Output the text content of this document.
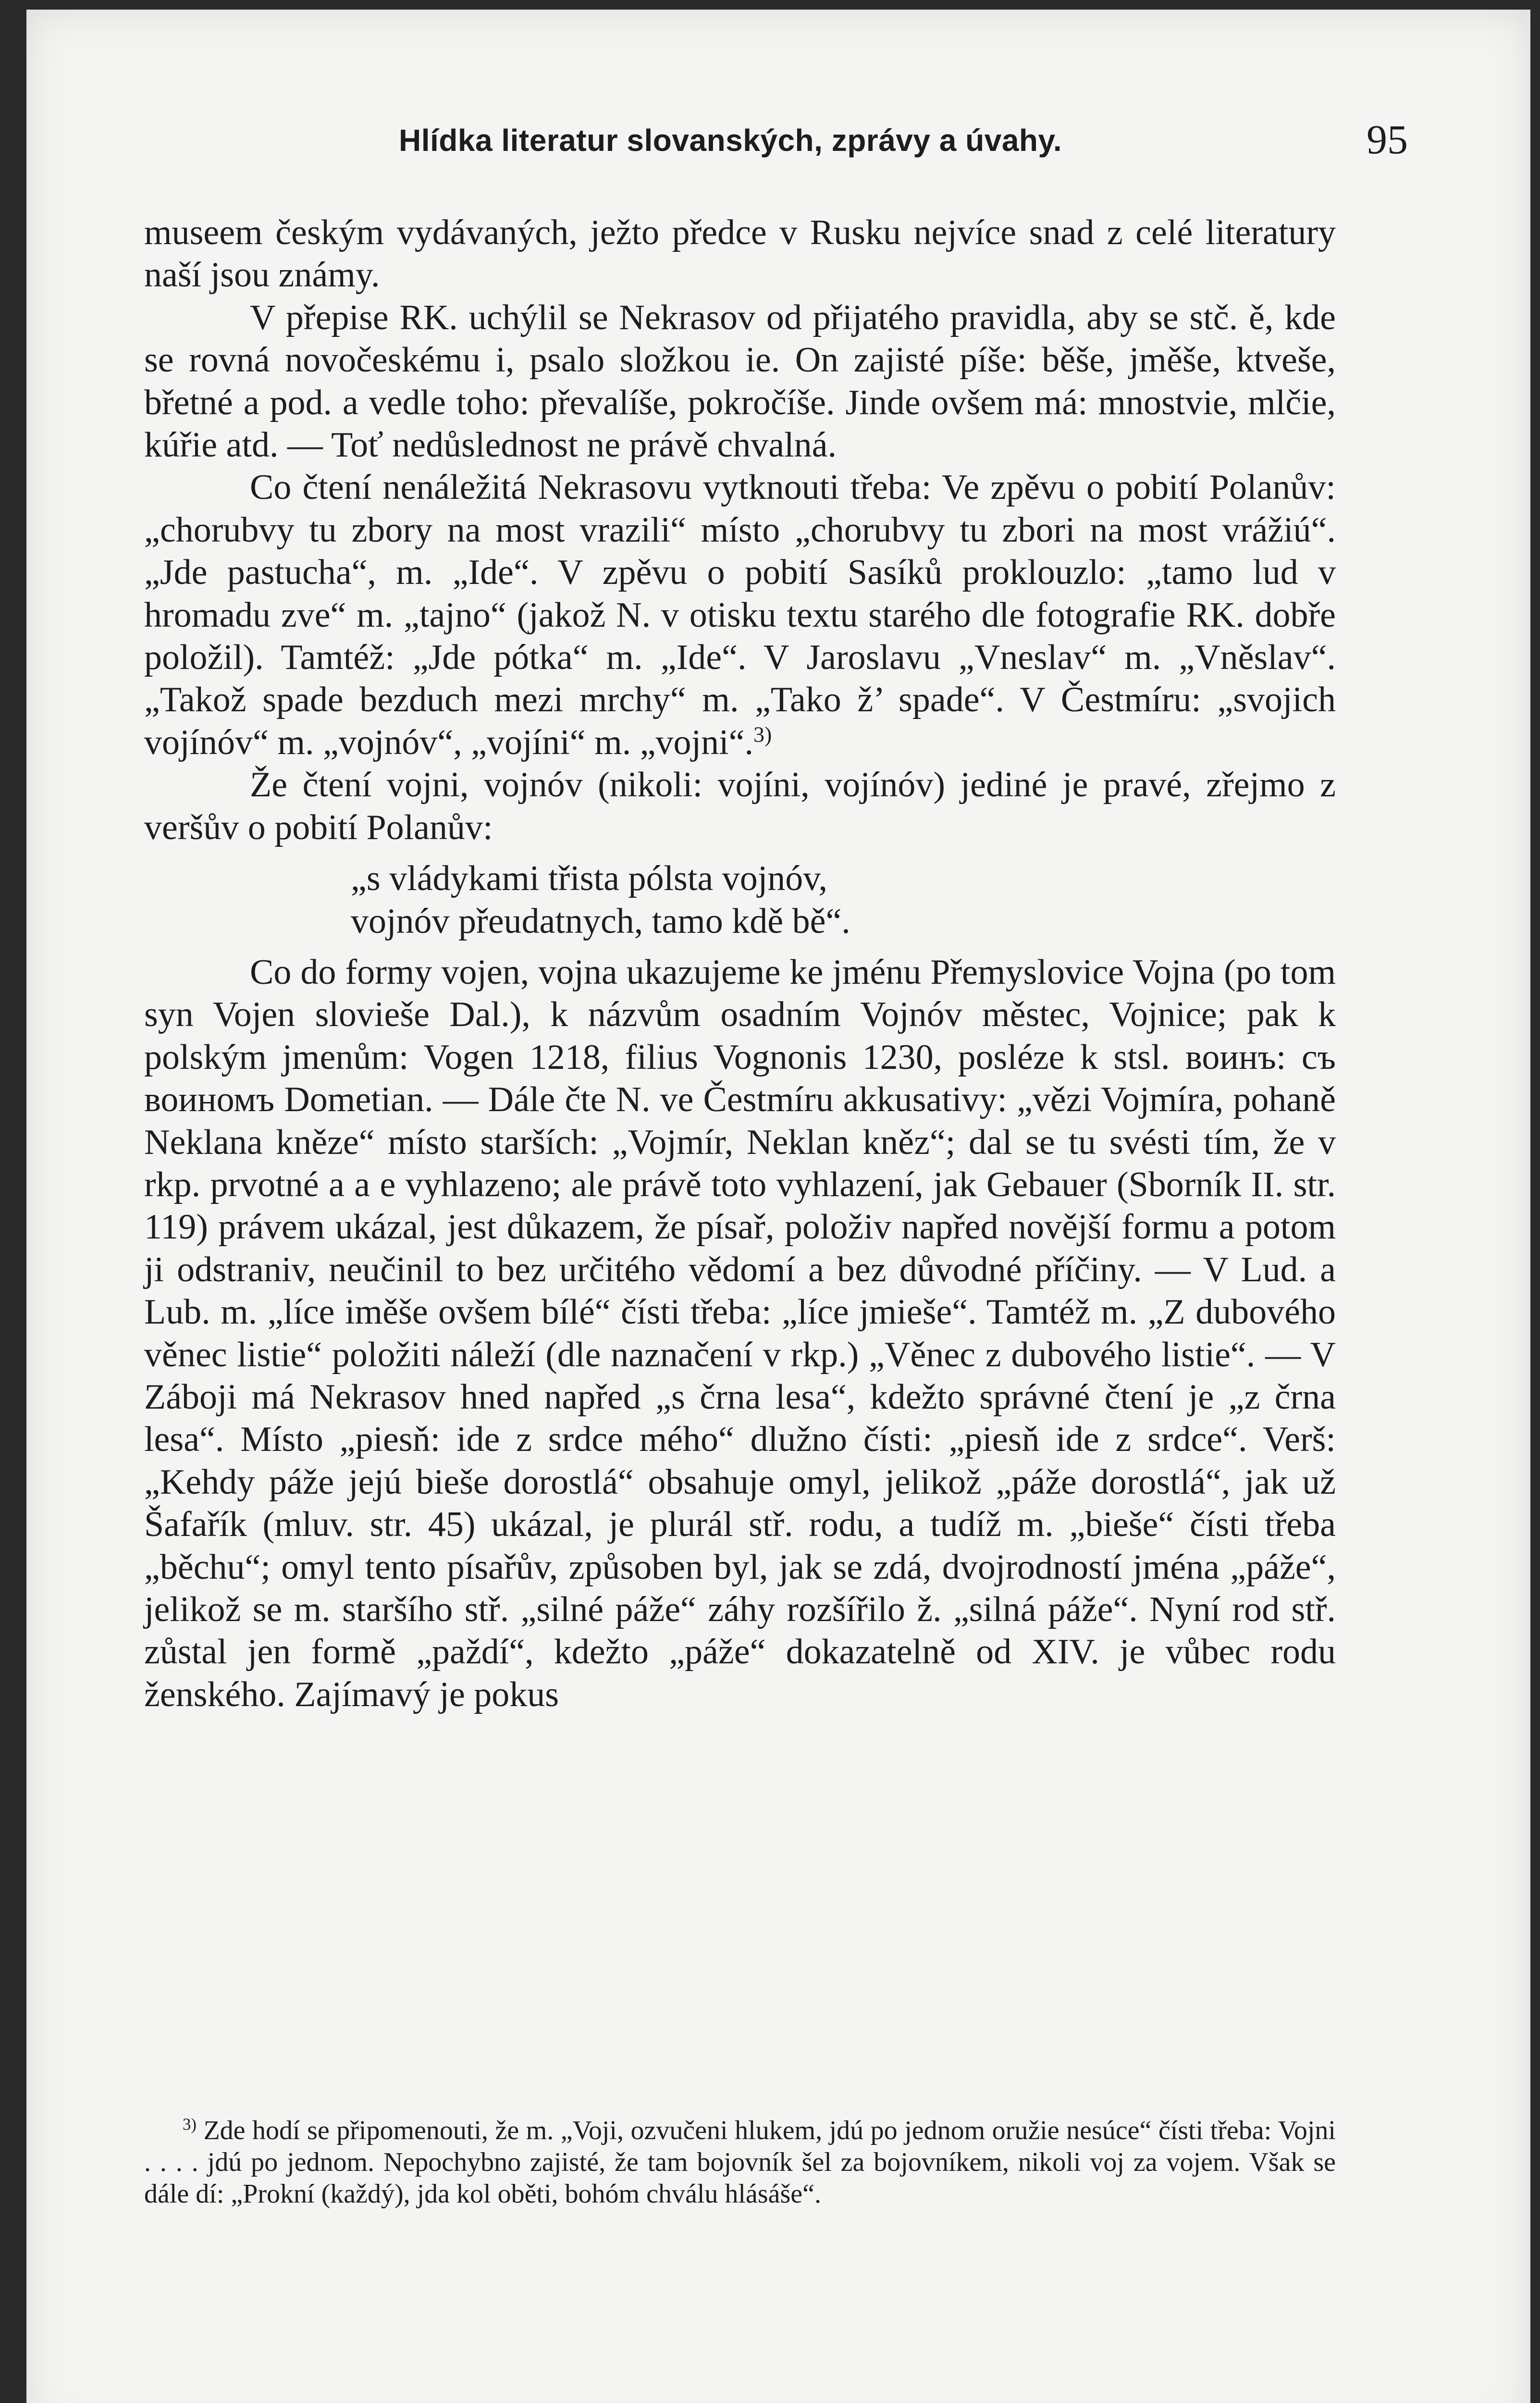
Hlídka literatur slovanských, zprávy a úvahy.	95

museem českým vydávaných, ježto předce v Rusku nejvíce snad z celé literatury naší jsou známy.

V přepise RK. uchýlil se Nekrasov od přijatého pravidla, aby se stč. ě, kde se rovná novočeskému i, psalo složkou ie. On zajisté píše: běše, jměše, ktveše, břetné a pod. a vedle toho: převalíše, pokročíše. Jinde ovšem má: mnostvie, mlčie, kúřie atd. — Toť nedůslednost ne právě chvalná.

Co čtení nenáležitá Nekrasovu vytknouti třeba: Ve zpěvu o pobití Polanův: „chorubvy tu zbory na most vrazili“ místo „chorubvy tu zbori na most vrážiú“. „Jde pastucha“, m. „Ide“. V zpěvu o pobití Sasíků proklouzlo: „tamo lud v hromadu zve“ m. „tajno“ (jakož N. v otisku textu starého dle fotografie RK. dobře položil). Tamtéž: „Jde pótka“ m. „Ide“. V Jaroslavu „Vneslav“ m. „Vněslav“. „Takož spade bezduch mezi mrchy“ m. „Tako ž’ spade“. V Čestmíru: „svojich vojínóv“ m. „vojnóv“, „vojíni“ m. „vojni“.$^{3)}$

Že čtení vojni, vojnóv (nikoli: vojíni, vojínóv) jediné je pravé, zřejmo z veršův o pobití Polanův:

„s vládykami třista pólsta vojnóv,
vojnóv přeudatnych, tamo kdě bě“.

Co do formy vojen, vojna ukazujeme ke jménu Přemyslovice Vojna (po tom syn Vojen slovieše Dal.), k názvům osadním Vojnóv městec, Vojnice; pak k polským jmenům: Vogen 1218, filius Vognonis 1230, posléze k stsl. воинъ: съ воиномъ Dometian. — Dále čte N. ve Čestmíru akkusativy: „vězi Vojmíra, pohaně Neklana kněze“ místo starších: „Vojmír, Neklan kněz“; dal se tu svésti tím, že v rkp. prvotné a a e vyhlazeno; ale právě toto vyhlazení, jak Gebauer (Sborník II. str. 119) právem ukázal, jest důkazem, že písař, položiv napřed novější formu a potom ji odstraniv, neučinil to bez určitého vědomí a bez důvodné příčiny. — V Lud. a Lub. m. „líce iměše ovšem bílé“ čísti třeba: „líce jmieše“. Tamtéž m. „Z dubového věnec listie“ položiti náleží (dle naznačení v rkp.) „Věnec z dubového listie“. — V Záboji má Nekrasov hned napřed „s črna lesa“, kdežto správné čtení je „z črna lesa“. Místo „piesň: ide z srdce mého“ dlužno čísti: „piesň ide z srdce“. Verš: „Kehdy páže jejú bieše dorostlá“ obsahuje omyl, jelikož „páže dorostlá“, jak už Šafařík (mluv. str. 45) ukázal, je plurál stř. rodu, a tudíž m. „bieše“ čísti třeba „běchu“; omyl tento písařův, způsoben byl, jak se zdá, dvojrodností jména „páže“, jelikož se m. staršího stř. „silné páže“ záhy rozšířilo ž. „silná páže“. Nyní rod stř. zůstal jen formě „paždí“, kdežto „páže“ dokazatelně od XIV. je vůbec rodu ženského. Zajímavý je pokus

$^{3)}$ Zde hodí se připomenouti, že m. „Voji, ozvučeni hlukem, jdú po jednom oružie nesúce“ čísti třeba: Vojni . . . . jdú po jednom. Nepochybno zajisté, že tam bojovník šel za bojovníkem, nikoli voj za vojem. Však se dále dí: „Prokní (každý), jda kol oběti, bohóm chválu hlásáše“.
